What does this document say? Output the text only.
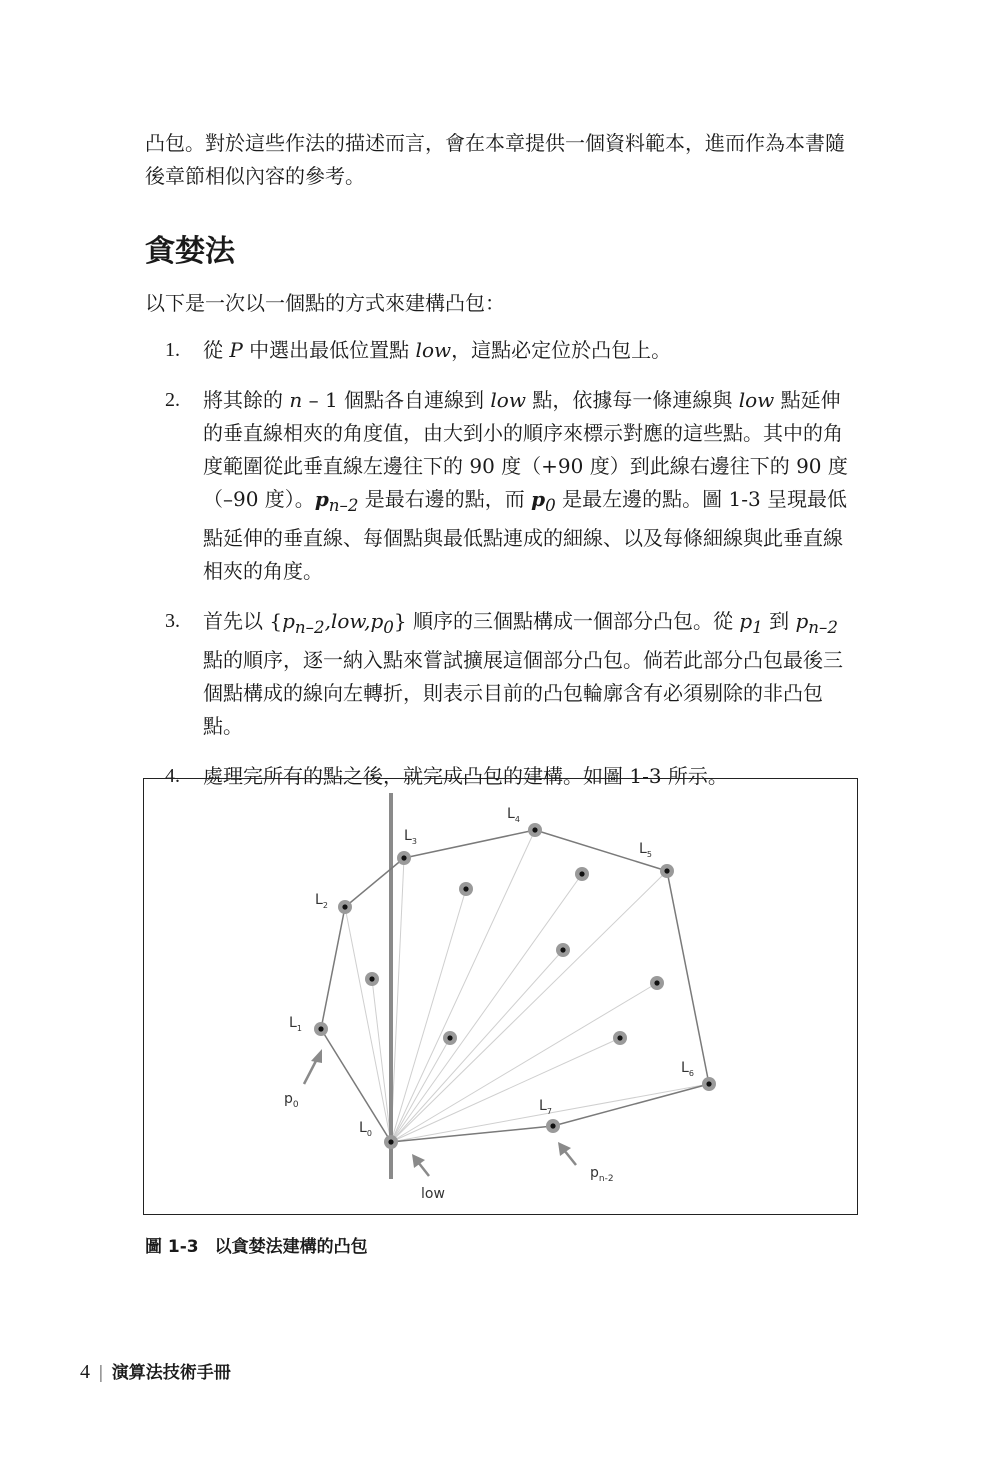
凸包。對於這些作法的描述而言，會在本章提供一個資料範本，進而作為本書隨後章節相似內容的參考。

貪婪法

以下是一次以一個點的方式來建構凸包：

1. 從 P 中選出最低位置點 low，這點必定位於凸包上。
2. 將其餘的 n – 1 個點各自連線到 low 點，依據每一條連線與 low 點延伸的垂直線相夾的角度值，由大到小的順序來標示對應的這些點。其中的角度範圍從此垂直線左邊往下的 90 度（+90 度）到此線右邊往下的 90 度（–90 度）。$p_{n-2}$ 是最右邊的點，而 $p_0$ 是最左邊的點。圖 1-3 呈現最低點延伸的垂直線、每個點與最低點連成的細線、以及每條細線與此垂直線相夾的角度。
3. 首先以 $\{p_{n-2},low,p_0\}$ 順序的三個點構成一個部分凸包。從 $p_1$ 到 $p_{n-2}$ 點的順序，逐一納入點來嘗試擴展這個部分凸包。倘若此部分凸包最後三個點構成的線向左轉折，則表示目前的凸包輪廓含有必須剔除的非凸包點。
4. 處理完所有的點之後，就完成凸包的建構。如圖 1-3 所示。
$L_0$
$L_1$
$L_2$
$L_3$
$L_4$
$L_5$
$L_6$
$L_7$
low
$p_0$
$p_{n-2}$
圖 1-3 以貪婪法建構的凸包
4 | 演算法技術手冊
